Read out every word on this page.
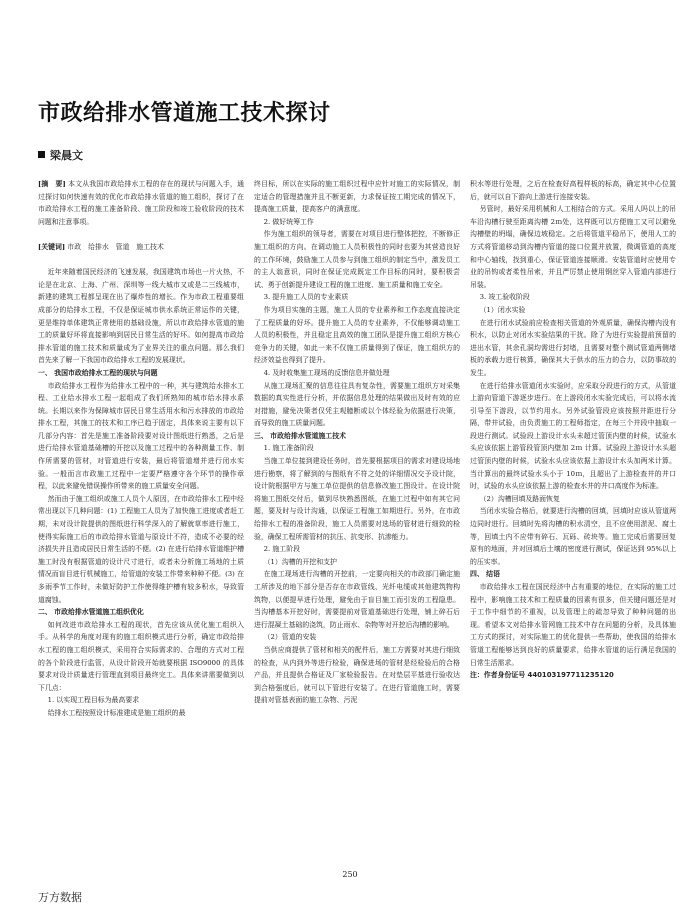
市政给排水管道施工技术探讨
梁晨文

[摘　要] 本文从我国市政给排水工程的存在的现状与问题入手，通过探讨如何快速有效的优化市政给排水管道的施工组织，探讨了在市政给排水工程的施工准备阶段、施工阶段和竣工验收阶段的技术问题和注意事项。

[关键词] 市政　给排水　管道　施工技术

近年来随着国民经济的飞速发展，我国建筑市场也一片火热，不论是在北京、上海、广州、深圳等一线大城市又或是二三线城市，新建的建筑工程都呈现在出了爆炸性的增长。作为市政工程重要组成部分的给排水工程，不仅是保证城市供水系统正常运作的关键，更是维持单体建筑正常使用的基础设施，所以市政给排水管道的施工的质量好坏将直接影响到居民日常生活的好坏。如何提高市政给排水管道的施工技术和质量成为了业界关注的重点问题。那么我们首先来了解一下我国市政给排水工程的发展现状。

一、 我国市政给排水工程的现状与问题

市政给排水工程作为给排水工程中的一种，其与建筑给水排水工程、工业给水排水工程一起组成了我们所熟知的城市给水排水系统。长期以来作为保障城市居民日常生活用水和污水排放的市政给排水工程，其施工的技术和工序已趋于固定，具体来说主要有以下几部分内容：首先是施工准备阶段要对设计图纸进行熟悉，之后是进行给排水管道基础槽的开挖以及施工过程中的各种测量工作、制作所需要的管材，对管道进行安装，最后将管道增并进行闭水实验。一般而言市政施工过程中一定要严格遵守各个环节的操作章程，以此来避免错误操作所带来的施工质量安全问题。

然而由于施工组织或施工人员个人原因，在市政给排水工程中经常出现以下几种问题：(1) 工程施工人员为了加快施工进度或者赶工期，未对设计院提供的图纸进行科学深入的了解就草率进行施工，使得实际施工后的市政给排水管道与原设计不符，造成不必要的经济损失并且造成居民日常生活的不便。(2) 在进行给排水管道维护槽施工时没有根据管道的设计尺寸进行，或者未分析施工场地的土质情况而盲目进行机械施工，给管道的安装工作带来种种不便。(3) 在多雨季节工作时，未做好防护工作使得维护槽有较多积水，导致管道腐蚀。

二、 市政给排水管道施工组织优化

如何改进市政给排水工程的现状，首先应该从优化施工组织入手。从科学的角度对现有的施工组织模式进行分析，确定市政给排水工程的施工组织模式，采用符合实际需求的、合理的方式对工程的各个阶段进行监管，从设计阶段开始就要根据 ISO9000 的具体要求对设计质量进行管理直到项目最终完工。具体来讲需要做到以下几点：

1. 以实现工程目标为最高要求

给排水工程按照设计标准建成是施工组织的最

终目标，所以在实际的施工组织过程中应针对施工的实际情况，制定适合的管理措施并且不断更新，力求保证按工期完成的情况下，提高施工质量，提高客户的满意度。

2. 做好统筹工作

作为施工组织的领导者，需要在对项目进行整体把控，不断修正施工组织的方向。在调动施工人员积极性的同时也要为其营造良好的工作环境，鼓励施工人员参与到施工组织的制定当中，激发员工的主人翁意识，同时在保证完成既定工作目标的同时，要积极尝试、勇于创新提升建设工程的施工进度、施工质量和施工安全。

3. 提升施工人员的专业素质

作为项目实施的主题，施工人员的专业素养和工作态度直接决定了工程质量的好坏。提升施工人员的专业素养，不仅能够调动施工人员的积极性，并且稳定且高效的施工团队是提升施工组织方核心竞争力的关键，如此一来不仅施工质量得到了保证，施工组织方的经济效益也得到了提升。

4. 及时收集施工现场的反馈信息并做处理

从施工现场汇聚的信息往往具有复杂性，需要施工组织方对采集数据的真实性进行分析，并依据信息处理的结果做出及时有效的应对措施，避免决策者仅凭主观臆断或以个体经验为依据进行决策，而导致的施工质量问题。

三、 市政给排水管道施工技术

1. 施工准备阶段

当施工单位接到建设任务时，首先要根据项目的需求对建设场地进行勘察，将了解到的与图纸有不符之处的详细情况交予设计院，设计院根据甲方与施工单位提供的信息修改施工图设计。在设计院将施工图纸交付后，做到尽快熟悉图纸，在施工过程中如有其它问题，要及时与设计沟通，以保证工程施工如期进行。另外，在市政给排水工程的准备阶段，施工人员需要对选场的管材进行细致的检验，确保工程所需管材的抗压、抗变形、抗渗能力。

2. 施工阶段

（1）沟槽的开挖和支护

在施工现场进行沟槽的开挖前，一定要向相关的市政部门确定施工所涉及的地下部分是否存在市政管线、光纤电缆或其他建筑物构筑物，以便提早进行处理，避免由于盲目施工而引发的工程隐患。当沟槽基本开挖好时，需要提前对管道基础进行处理，铺上碎石后进行混凝土基础的浇筑，防止雨水、杂物等对开挖后沟槽的影响。

（2）管道的安装

当供应商提供了管材和相关的配件后，施工方需要对其进行细致的检查，从内到外等进行检验，确保进场的管材是经检验后的合格产品，并且提供合格证及厂家检验报告。在对垫层平基进行验收达到合格强度后，就可以下管进行安装了。在进行管道施工时，需要提前对管基表面的施工杂物、污泥

积水等进行处理，之后在检查好高程样板的标高，确定其中心位置后，就可以自下游向上游进行连接安装。

另管时，最好采用机械和人工相结合的方式。采用人吗以上的吊车沿沟槽行驶至距离沟槽 2ｍ处，这样既可以方便施工又可以避免沟槽壁的坍塌，确保边坡稳定。之后将管道平稳吊下，使用人工的方式将管道移动到沟槽内管道的接口位置并放置，微调管道的高度和中心轴线，找到重心，保证管道连接顺滑。安装管道时应使用专业的吊钩或者柔性吊索，并且严厉禁止使用钢丝穿入管道内部进行吊装。

3. 竣工验收阶段

（1）闭水实验

在进行闭水试验前应检查相关管道的外观质量，确保沟槽内没有积水，以防止对闭水实验结果的干扰。除了为进行实验提前预留的进出水管，其余孔洞均需进行封堵，且需要对整个测试管道两侧堵板的承载力进行核算，确保其大于供水的压力的合力，以防事故的发生。

在进行给排水管道闭水实验时，应采取分段进行的方式，从管道上游向管道下游逐步进行。在上游段闭水实验完成后，可以将水流引导至下游段，以节约用水。另外试验管段应该按照井距进行分隔，带井试验，由负责施工的工程师指定，在每三个井段中抽取一段进行测试。试验段上游设计水头未超过管顶内壁的时候，试验水头应该依据上游管段管顶内壁加 2ｍ 计算。试验段上游设计水头超过管顶内壁的时候，试验水头应该依据上游设计水头加两米计算。当计算出的最终试验水头小于 10ｍ，且超出了上游检查井的井口时，试验的水头应该依据上游的检查水井的井口高度作为标准。

（2）沟槽回填及路面恢复

当闭水实验合格后，就要进行沟槽的回填，回填时应该从管道两边同时进行。回填时先将沟槽的积水清空，且不应使用淤泥、腐土等，回填土内不应带有碎石、瓦砾、砖块等。施工完成后需要回复原有的地面，并对回填后土壤的密度进行测试，保证达到 95%以上的压实率。

四、 结语

市政给排水工程在国民经济中占有重要的地位，在实际的施工过程中，影响施工技术和工程质量的因素有很多，但关键问题还是对于工作中细节的不重视，以及管理上的疏忽导致了种种问题的出现。希望本文对给排水管网施工技术中存在问题的分析，及具体施工方式的探讨，对实际施工的优化提供一些帮助，使我国的给排水管道工程能够达到良好的质量要求，给排水管道的运行满足我国的日常生活需求。

注：作者身份证号 440103197711235120

250
万方数据
